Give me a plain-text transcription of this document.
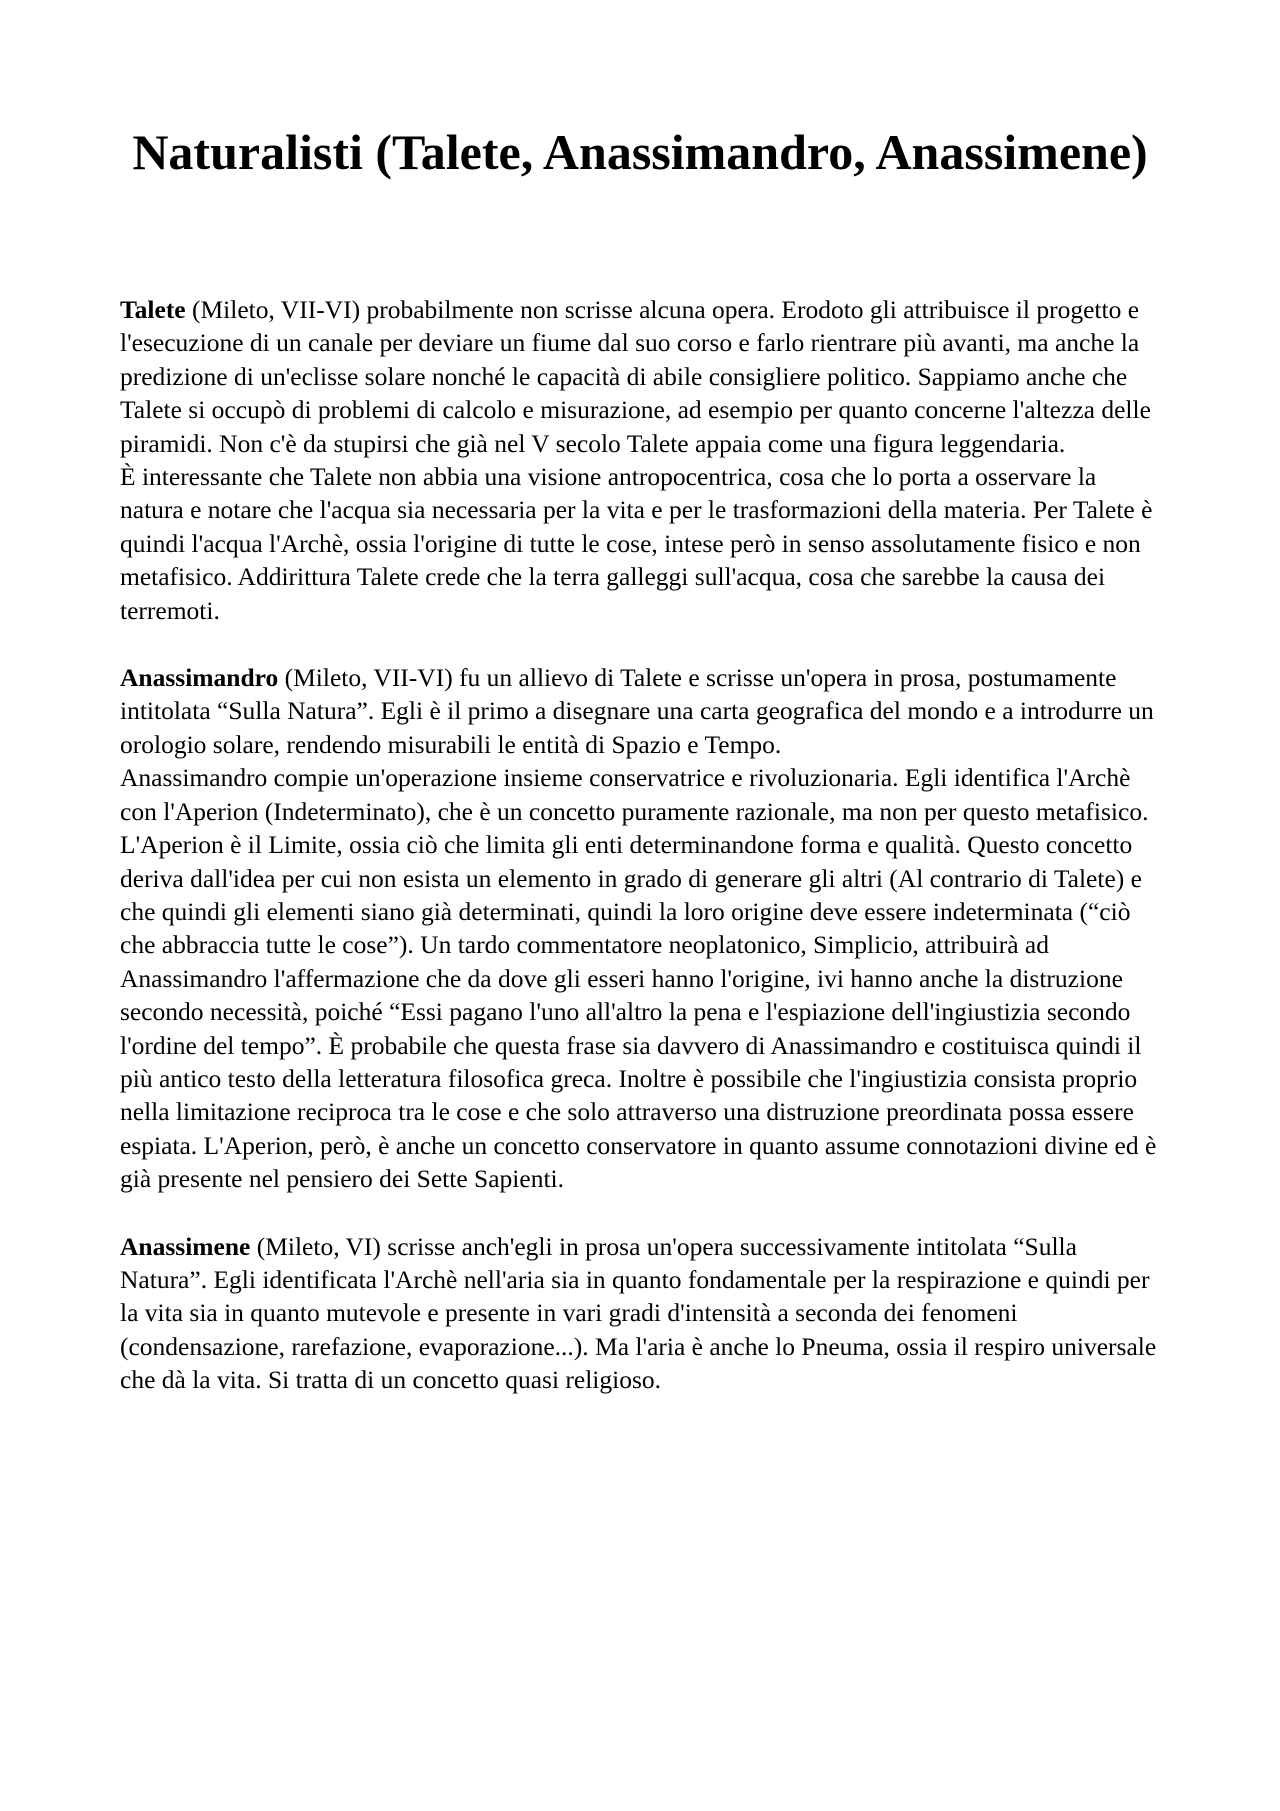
Naturalisti (Talete, Anassimandro, Anassimene)

Talete (Mileto, VII-VI) probabilmente non scrisse alcuna opera. Erodoto gli attribuisce il progetto e l'esecuzione di un canale per deviare un fiume dal suo corso e farlo rientrare più avanti, ma anche la predizione di un'eclisse solare nonché le capacità di abile consigliere politico. Sappiamo anche che Talete si occupò di problemi di calcolo e misurazione, ad esempio per quanto concerne l'altezza delle piramidi. Non c'è da stupirsi che già nel V secolo Talete appaia come una figura leggendaria.

È interessante che Talete non abbia una visione antropocentrica, cosa che lo porta a osservare la natura e notare che l'acqua sia necessaria per la vita e per le trasformazioni della materia. Per Talete è quindi l'acqua l'Archè, ossia l'origine di tutte le cose, intese però in senso assolutamente fisico e non metafisico. Addirittura Talete crede che la terra galleggi sull'acqua, cosa che sarebbe la causa dei terremoti.

Anassimandro (Mileto, VII-VI) fu un allievo di Talete e scrisse un'opera in prosa, postumamente intitolata “Sulla Natura”. Egli è il primo a disegnare una carta geografica del mondo e a introdurre un orologio solare, rendendo misurabili le entità di Spazio e Tempo.

Anassimandro compie un'operazione insieme conservatrice e rivoluzionaria. Egli identifica l'Archè con l'Aperion (Indeterminato), che è un concetto puramente razionale, ma non per questo metafisico. L'Aperion è il Limite, ossia ciò che limita gli enti determinandone forma e qualità. Questo concetto deriva dall'idea per cui non esista un elemento in grado di generare gli altri (Al contrario di Talete) e che quindi gli elementi siano già determinati, quindi la loro origine deve essere indeterminata (“ciò che abbraccia tutte le cose”). Un tardo commentatore neoplatonico, Simplicio, attribuirà ad Anassimandro l'affermazione che da dove gli esseri hanno l'origine, ivi hanno anche la distruzione secondo necessità, poiché “Essi pagano l'uno all'altro la pena e l'espiazione dell'ingiustizia secondo l'ordine del tempo”. È probabile che questa frase sia davvero di Anassimandro e costituisca quindi il più antico testo della letteratura filosofica greca. Inoltre è possibile che l'ingiustizia consista proprio nella limitazione reciproca tra le cose e che solo attraverso una distruzione preordinata possa essere espiata. L'Aperion, però, è anche un concetto conservatore in quanto assume connotazioni divine ed è già presente nel pensiero dei Sette Sapienti.

Anassimene (Mileto, VI) scrisse anch'egli in prosa un'opera successivamente intitolata “Sulla Natura”. Egli identificata l'Archè nell'aria sia in quanto fondamentale per la respirazione e quindi per la vita sia in quanto mutevole e presente in vari gradi d'intensità a seconda dei fenomeni (condensazione, rarefazione, evaporazione...). Ma l'aria è anche lo Pneuma, ossia il respiro universale che dà la vita. Si tratta di un concetto quasi religioso.
